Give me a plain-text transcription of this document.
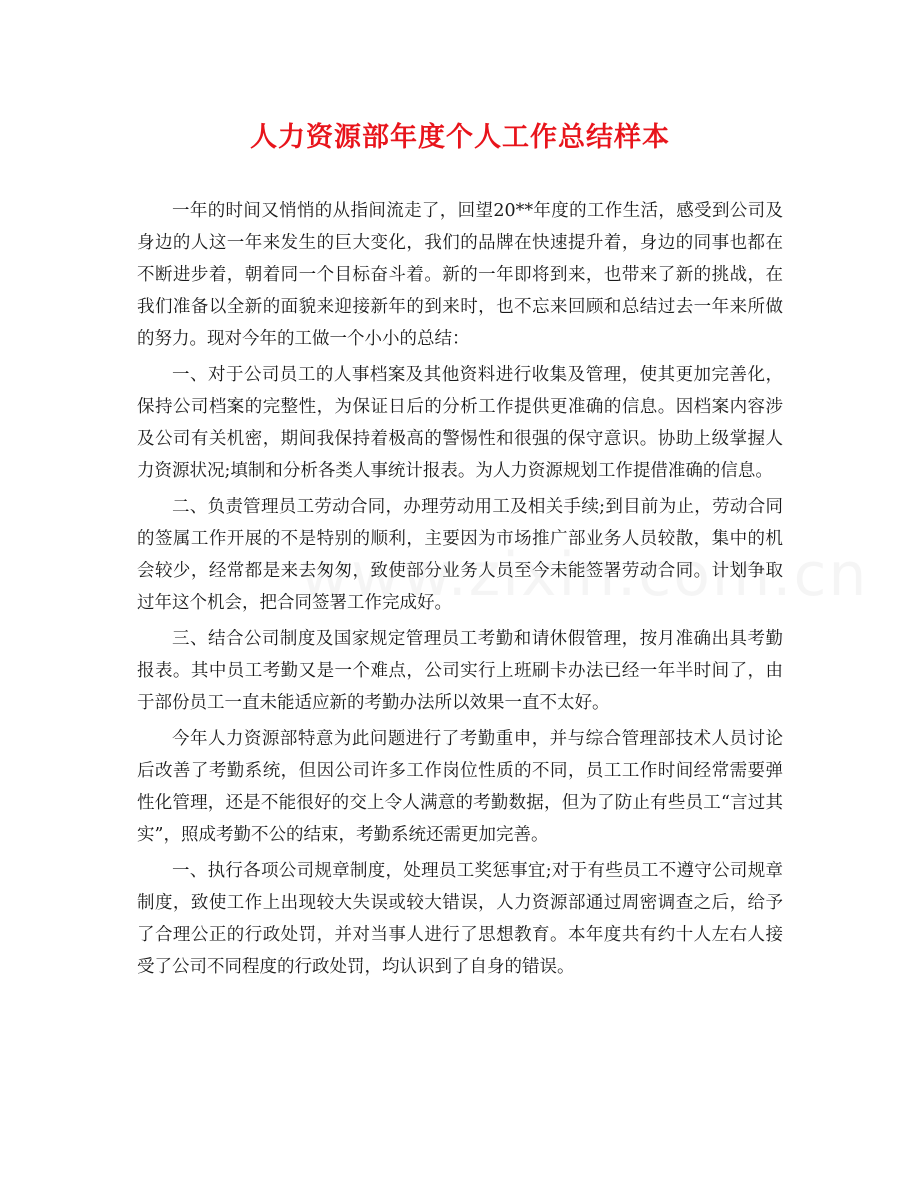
人力资源部年度个人工作总结样本

一年的时间又悄悄的从指间流走了，回望20**年度的工作生活，感受到公司及身边的人这一年来发生的巨大变化，我们的品牌在快速提升着，身边的同事也都在不断进步着，朝着同一个目标奋斗着。新的一年即将到来，也带来了新的挑战，在我们准备以全新的面貌来迎接新年的到来时，也不忘来回顾和总结过去一年来所做的努力。现对今年的工做一个小小的总结：

一、对于公司员工的人事档案及其他资料进行收集及管理，使其更加完善化，保持公司档案的完整性，为保证日后的分析工作提供更准确的信息。因档案内容涉及公司有关机密，期间我保持着极高的警惕性和很强的保守意识。协助上级掌握人力资源状况;填制和分析各类人事统计报表。为人力资源规划工作提借准确的信息。

二、负责管理员工劳动合同，办理劳动用工及相关手续;到目前为止，劳动合同的签属工作开展的不是特别的顺利，主要因为市场推广部业务人员较散，集中的机会较少，经常都是来去匆匆，致使部分业务人员至今未能签署劳动合同。计划争取过年这个机会，把合同签署工作完成好。

三、结合公司制度及国家规定管理员工考勤和请休假管理，按月准确出具考勤报表。其中员工考勤又是一个难点，公司实行上班刷卡办法已经一年半时间了，由于部份员工一直未能适应新的考勤办法所以效果一直不太好。

今年人力资源部特意为此问题进行了考勤重申，并与综合管理部技术人员讨论后改善了考勤系统，但因公司许多工作岗位性质的不同，员工工作时间经常需要弹性化管理，还是不能很好的交上令人满意的考勤数据，但为了防止有些员工“言过其实”，照成考勤不公的结束，考勤系统还需更加完善。

一、执行各项公司规章制度，处理员工奖惩事宜;对于有些员工不遵守公司规章制度，致使工作上出现较大失误或较大错误，人力资源部通过周密调查之后，给予了合理公正的行政处罚，并对当事人进行了思想教育。本年度共有约十人左右人接受了公司不同程度的行政处罚，均认识到了自身的错误。
